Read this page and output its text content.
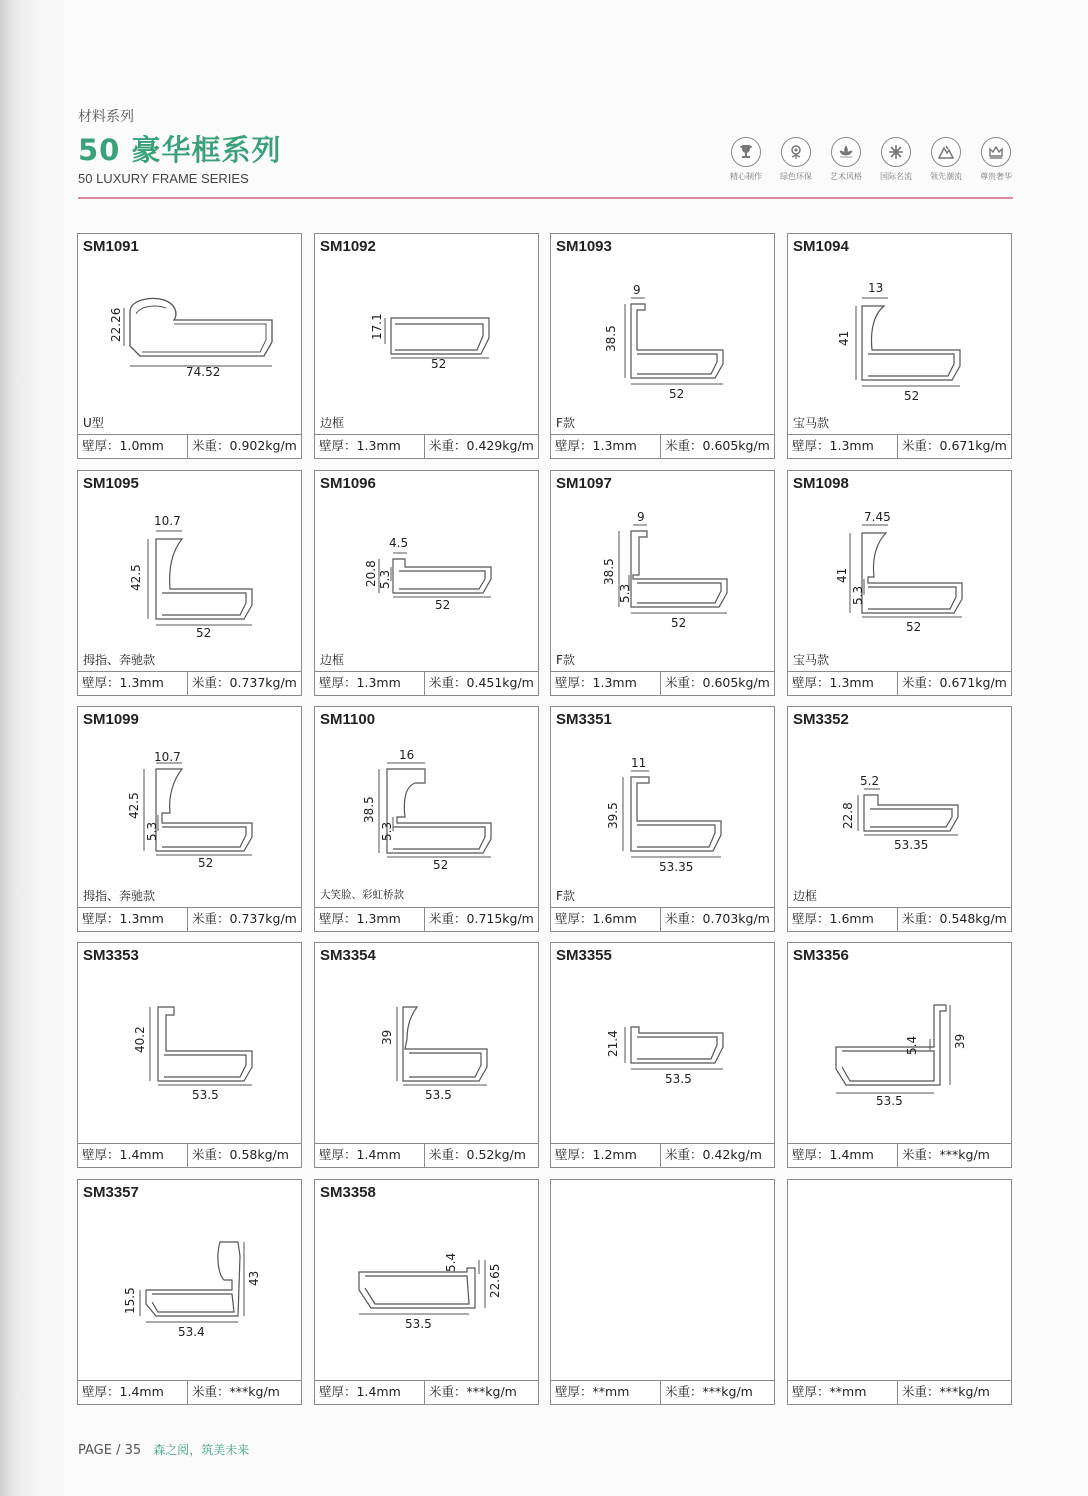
材料系列
50 豪华框系列
50 LUXURY FRAME SERIES	精心制作	绿色环保	艺术风格	国际名流	领先潮流	尊贵奢华
SM1091
22.26
74.52
U型
壁厚：1.0mm	米重：0.902kg/m
SM1092
17.1
52
边框
壁厚：1.3mm	米重：0.429kg/m
SM1093
9
38.5
52
F款
壁厚：1.3mm	米重：0.605kg/m
SM1094
13
41
52
宝马款
壁厚：1.3mm	米重：0.671kg/m
SM1095
10.7
42.5
52
拇指、奔驰款
壁厚：1.3mm	米重：0.737kg/m
SM1096
4.5
20.8 5.3
52
边框
壁厚：1.3mm	米重：0.451kg/m
SM1097
9
38.5
5.3
52
F款
壁厚：1.3mm	米重：0.605kg/m
SM1098
7.45
41
5.3
52
宝马款
壁厚：1.3mm	米重：0.671kg/m
SM1099
10.7
42.5
5.3
52
拇指、奔驰款
壁厚：1.3mm	米重：0.737kg/m
SM1100
16
38.5
5.3
52
大笑脸、彩虹桥款
壁厚：1.3mm	米重：0.715kg/m
SM3351
11
39.5
53.35
F款
壁厚：1.6mm	米重：0.703kg/m
SM3352
5.2
22.8
53.35
边框
壁厚：1.6mm	米重：0.548kg/m
SM3353
40.2
53.5
壁厚：1.4mm	米重：0.58kg/m
SM3354
39
53.5
壁厚：1.4mm	米重：0.52kg/m
SM3355
21.4
53.5
壁厚：1.2mm	米重：0.42kg/m
SM3356
5.4	39
53.5
壁厚：1.4mm	米重：***kg/m
SM3357
15.5
43
53.4
壁厚：1.4mm	米重：***kg/m
SM3358
5.4
22.65
53.5
壁厚：1.4mm	米重：***kg/m	壁厚：**mm	米重：***kg/m	壁厚：**mm	米重：***kg/m
PAGE / 35 森之阅，筑美未来
